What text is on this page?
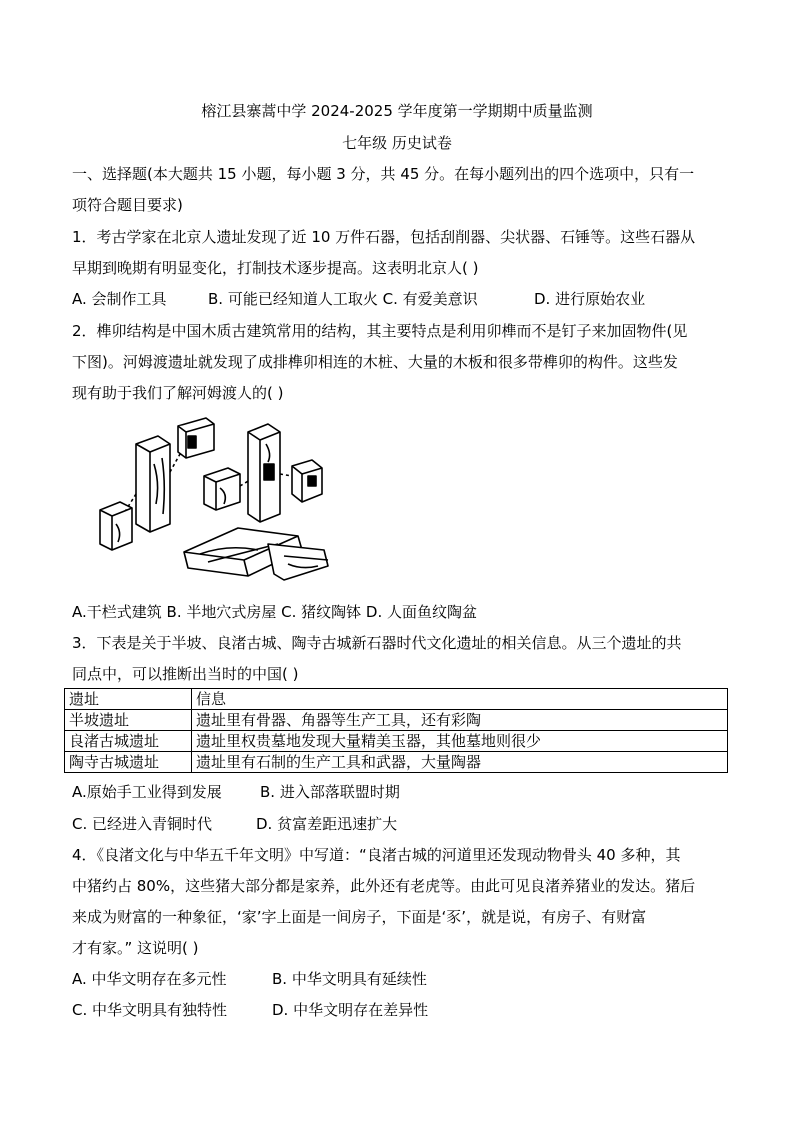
榕江县寨蒿中学 2024-2025 学年度第一学期期中质量监测
七年级 历史试卷
一、选择题(本大题共 15 小题，每小题 3 分，共 45 分。在每小题列出的四个选项中，只有一
项符合题目要求)
1．考古学家在北京人遗址发现了近 10 万件石器，包括刮削器、尖状器、石锤等。这些石器从
早期到晚期有明显变化，打制技术逐步提高。这表明北京人( )
A. 会制作工具	B. 可能已经知道人工取火 C. 有爱美意识	D. 进行原始农业
2．榫卯结构是中国木质古建筑常用的结构，其主要特点是利用卯榫而不是钉子来加固物件(见
下图)。河姆渡遗址就发现了成排榫卯相连的木桩、大量的木板和很多带榫卯的构件。这些发
现有助于我们了解河姆渡人的( )
A.干栏式建筑 B. 半地穴式房屋 C. 猪纹陶钵 D. 人面鱼纹陶盆
3．下表是关于半坡、良渚古城、陶寺古城新石器时代文化遗址的相关信息。从三个遗址的共
同点中，可以推断出当时的中国( )
遗址	信息
半坡遗址	遗址里有骨器、角器等生产工具，还有彩陶
良渚古城遗址	遗址里权贵墓地发现大量精美玉器，其他墓地则很少
陶寺古城遗址	遗址里有石制的生产工具和武器，大量陶器
A.原始手工业得到发展	B. 进入部落联盟时期
C. 已经进入青铜时代	D. 贫富差距迅速扩大
4．《良渚文化与中华五千年文明》中写道：“良渚古城的河道里还发现动物骨头 40 多种，其
中猪约占 80%，这些猪大部分都是家养，此外还有老虎等。由此可见良渚养猪业的发达。猪后
来成为财富的一种象征，‘家’字上面是一间房子，下面是‘豕’，就是说，有房子、有财富
才有家。” 这说明( )
A. 中华文明存在多元性	B. 中华文明具有延续性
C. 中华文明具有独特性	D. 中华文明存在差异性
